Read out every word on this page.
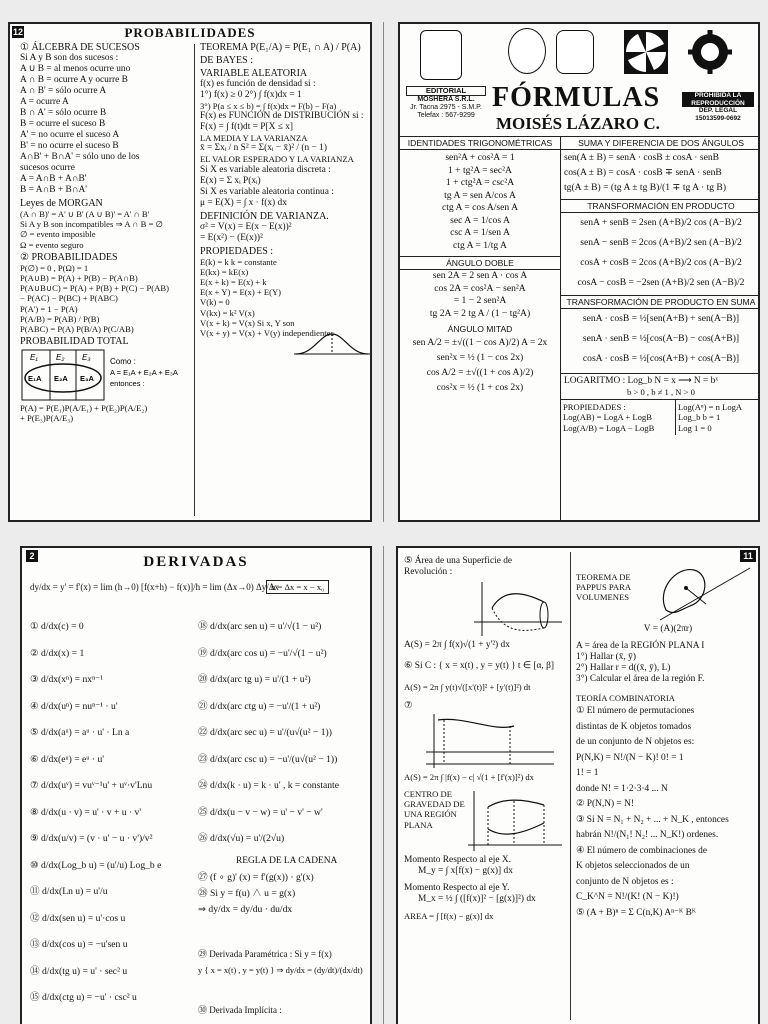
12	PROBABILIDADES
① ÁLCEBRA DE SUCESOS
Si A y B son dos sucesos :
A ∪ B = al menos ocurre uno
A ∩ B = ocurre A y ocurre B
A ∩ B' = sólo ocurre A
A = ocurre A
B ∩ A' = sólo ocurre B
B = ocurre el suceso B
A' = no ocurre el suceso A
B' = no ocurre el suceso B
A∩B' + B∩A' = sólo uno de los
sucesos ocurre
A = A∩B + A∩B'
B = A∩B + B∩A'
Leyes de MORGAN
(A ∩ B)' = A' ∪ B' (A ∪ B)' = A' ∩ B'
Si A y B son incompatibles ⇒ A ∩ B = ∅
∅ = evento imposible
Ω = evento seguro
② PROBABILIDADES
P(∅) = 0 , P(Ω) = 1
P(A∪B) = P(A) + P(B) − P(A∩B)
P(A∪B∪C) = P(A) + P(B) + P(C) − P(AB)
− P(AC) − P(BC) + P(ABC)
P(A') = 1 − P(A)
P(A/B) = P(AB) / P(B)
P(ABC) = P(A) P(B/A) P(C/AB)
PROBABILIDAD TOTAL
E₁ E₂ E₃
E₁A E₂A E₃A
Como :
A = E₁A + E₂A + E₃A
entonces :
P(A) = P(E₁)P(A/E₁) + P(E₂)P(A/E₂)
+ P(E₃)P(A/E₃)
TEOREMA P(E₁/A) = P(E₁ ∩ A) / P(A)
DE BAYES :
VARIABLE ALEATORIA
f(x) es función de densidad si :
1°) f(x) ≥ 0 2°) ∫ f(x)dx = 1
3°) P(a ≤ x ≤ b) = ∫ f(x)dx = F(b) − F(a)
F(x) es FUNCIÓN de DISTRIBUCIÓN si :
F(x) = ∫ f(t)dt = P[X ≤ x]
LA MEDIA Y LA VARIANZA
x̄ = Σxᵢ / n S² = Σ(xᵢ − x̄)² / (n − 1)
EL VALOR ESPERADO Y LA VARIANZA
Si X es variable aleatoria discreta :
E(x) = Σ xᵢ P(xᵢ)
Si X es variable aleatoria continua :
μ = E(X) = ∫ x · f(x) dx
DEFINICIÓN DE VARIANZA.
σ² = V(x) = E(x − E(x))²
= E(x²) − (E(x))²
PROPIEDADES :
E(k) = k k = constante
E(kx) = kE(x)
E(x + k) = E(x) + k
E(x + Y) = E(x) + E(Y)
V(k) = 0
V(kx) = k² V(x)
V(x + k) = V(x) Si x, Y son
V(x + y) = V(x) + V(y) independientes
EDITORIAL
MOSHERA S.R.L.
Jr. Tacna 2975 - S.M.P.
Telefax : 567-9299
FÓRMULAS
MOISÉS LÁZARO C.
PROHIBIDA LA
REPRODUCCIÓN
DEP. LEGAL
15013599-0692
IDENTIDADES TRIGONOMÉTRICAS
sen²A + cos²A = 1
1 + tg²A = sec²A
1 + ctg²A = csc²A
tg A = sen A/cos A
ctg A = cos A/sen A
sec A = 1/cos A
csc A = 1/sen A
ctg A = 1/tg A
ÁNGULO DOBLE
sen 2A = 2 sen A · cos A
cos 2A = cos²A − sen²A
= 1 − 2 sen²A
tg 2A = 2 tg A / (1 − tg²A)
ÁNGULO MITAD
sen A/2 = ±√((1 − cos A)/2) A = 2x
sen²x = ½ (1 − cos 2x)
cos A/2 = ±√((1 + cos A)/2)
cos²x = ½ (1 + cos 2x)
SUMA Y DIFERENCIA DE DOS ÁNGULOS
sen(A ± B) = senA · cosB ± cosA · senB
cos(A ± B) = cosA · cosB ∓ senA · senB
tg(A ± B) = (tg A ± tg B)/(1 ∓ tg A · tg B)
TRANSFORMACIÓN EN PRODUCTO
senA + senB = 2sen (A+B)/2 cos (A−B)/2
senA − senB = 2cos (A+B)/2 sen (A−B)/2
cosA + cosB = 2cos (A+B)/2 cos (A−B)/2
cosA − cosB = −2sen (A+B)/2 sen (A−B)/2
TRANSFORMACIÓN DE PRODUCTO EN SUMA
senA · cosB = ½[sen(A+B) + sen(A−B)]
senA · senB = ½[cos(A−B) − cos(A+B)]
cosA · cosB = ½[cos(A+B) + cos(A−B)]
LOGARITMO : Log_b N = x ⟶ N = bˣ
b > 0 , b ≠ 1 , N > 0
PROPIEDADES :
Log(AB) = LogA + LogB
Log(A/B) = LogA − LogB
Log(Aⁿ) = n LogA
Log_b b = 1
Log 1 = 0
2	DERIVADAS
dy/dx = y' = f'(x) = lim (h→0) [f(x+h) − f(x)]/h = lim (Δx→0) Δy/Δx
h = Δx = x − x₀
① d/dx(c) = 0
② d/dx(x) = 1
③ d/dx(xⁿ) = nxⁿ⁻¹
④ d/dx(uⁿ) = nuⁿ⁻¹ · u'
⑤ d/dx(aᵘ) = aᵘ · u' · Ln a
⑥ d/dx(eᵘ) = eᵘ · u'
⑦ d/dx(uᵛ) = vuᵛ⁻¹u' + uᵛ·v'Lnu
⑧ d/dx(u · v) = u' · v + u · v'
⑨ d/dx(u/v) = (v · u' − u · v')/v²
⑩ d/dx(Log_b u) = (u'/u) Log_b e
⑪ d/dx(Ln u) = u'/u
⑫ d/dx(sen u) = u'·cos u
⑬ d/dx(cos u) = −u'sen u
⑭ d/dx(tg u) = u' · sec² u
⑮ d/dx(ctg u) = −u' · csc² u
⑱ d/dx(arc sen u) = u'/√(1 − u²)
⑲ d/dx(arc cos u) = −u'/√(1 − u²)
⑳ d/dx(arc tg u) = u'/(1 + u²)
㉑ d/dx(arc ctg u) = −u'/(1 + u²)
㉒ d/dx(arc sec u) = u'/(u√(u² − 1))
㉓ d/dx(arc csc u) = −u'/(u√(u² − 1))
㉔ d/dx(k · u) = k · u' , k = constante
㉕ d/dx(u − v − w) = u' − v' − w'
㉖ d/dx(√u) = u'/(2√u)
REGLA DE LA CADENA
㉗ (f ∘ g)' (x) = f'(g(x)) · g'(x)
㉘ Si y = f(u) ∧ u = g(x)
⇒ dy/dx = dy/du · du/dx
㉙ Derivada Paramétrica : Si y = f(x)
y { x = x(t) , y = y(t) } ⇒ dy/dx = (dy/dt)/(dx/dt)
㉚ Derivada Implícita :
11
⑤ Área de una Superficie de
Revolución :
A(S) = 2π ∫ f(x)√(1 + y'²) dx
⑥ Si C : { x = x(t) , y = y(t) } t ∈ [α, β]
A(S) = 2π ∫ y(t)√([x'(t)]² + [y'(t)]²) dt
⑦
A(S) = 2π ∫ |f(x) − c| √(1 + [f'(x)]²) dx
CENTRO DE
GRAVEDAD DE
UNA REGIÓN
PLANA
Momento Respecto al eje X.
M_y = ∫ x[f(x) − g(x)] dx
Momento Respecto al eje Y.
M_x = ½ ∫ ([f(x)]² − [g(x)]²) dx
AREA = ∫ [f(x) − g(x)] dx
TEOREMA DE
PAPPUS PARA
VOLUMENES
V = (A)(2πr)
A = área de la REGIÓN PLANA I
1°) Hallar (x̄, ȳ)
2°) Hallar r = d((x̄, ȳ), L)
3°) Calcular el área de la región F.
TEORÍA COMBINATORIA
① El número de permutaciones
distintas de K objetos tomados
de un conjunto de N objetos es:
P(N,K) = N!/(N − K)! 0! = 1
1! = 1
donde N! = 1·2·3·4 ... N
② P(N,N) = N!
③ Si N = N₁ + N₂ + ... + N_K , entonces
habrán N!/(N₁! N₂! ... N_K!) ordenes.
④ El número de combinaciones de
K objetos seleccionados de un
conjunto de N objetos es :
C_K^N = N!/(K! (N − K)!)
⑤ (A + B)ⁿ = Σ C(n,K) Aⁿ⁻ᴷ Bᴷ
